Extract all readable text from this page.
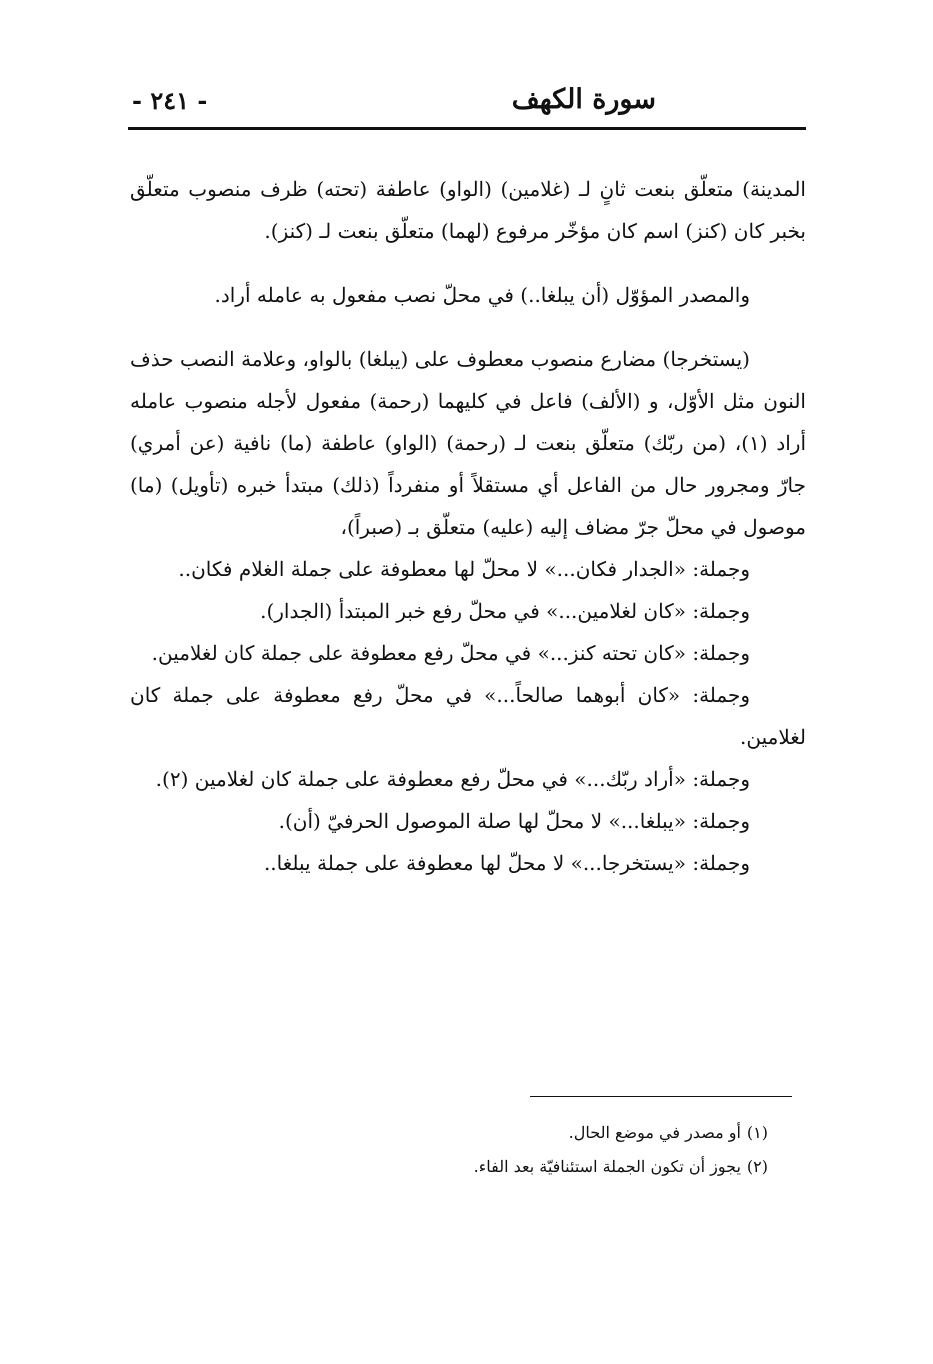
سورة الكهف
- ٢٤١ -

المدينة) متعلّق بنعت ثانٍ لـ (غلامين) (الواو) عاطفة (تحته) ظرف منصوب متعلّق بخبر كان (كنز) اسم كان مؤخّر مرفوع (لهما) متعلّق بنعت لـ (كنز).

والمصدر المؤوّل (أن يبلغا..) في محلّ نصب مفعول به عامله أراد.

(يستخرجا) مضارع منصوب معطوف على (يبلغا) بالواو، وعلامة النصب حذف النون مثل الأوّل، و (الألف) فاعل في كليهما (رحمة) مفعول لأجله منصوب عامله أراد (١)، (من ربّك) متعلّق بنعت لـ (رحمة) (الواو) عاطفة (ما) نافية (عن أمري) جارّ ومجرور حال من الفاعل أي مستقلاً أو منفرداً (ذلك) مبتدأ خبره (تأويل) (ما) موصول في محلّ جرّ مضاف إليه (عليه) متعلّق بـ (صبراً)،

وجملة: «الجدار فكان...» لا محلّ لها معطوفة على جملة الغلام فكان..

وجملة: «كان لغلامين...» في محلّ رفع خبر المبتدأ (الجدار).

وجملة: «كان تحته كنز...» في محلّ رفع معطوفة على جملة كان لغلامين.

وجملة: «كان أبوهما صالحاً...» في محلّ رفع معطوفة على جملة كان لغلامين.

وجملة: «أراد ربّك...» في محلّ رفع معطوفة على جملة كان لغلامين (٢).

وجملة: «يبلغا...» لا محلّ لها صلة الموصول الحرفيّ (أن).

وجملة: «يستخرجا...» لا محلّ لها معطوفة على جملة يبلغا..

(١)أو مصدر في موضع الحال.

(٢)يجوز أن تكون الجملة استئنافيّة بعد الفاء.
